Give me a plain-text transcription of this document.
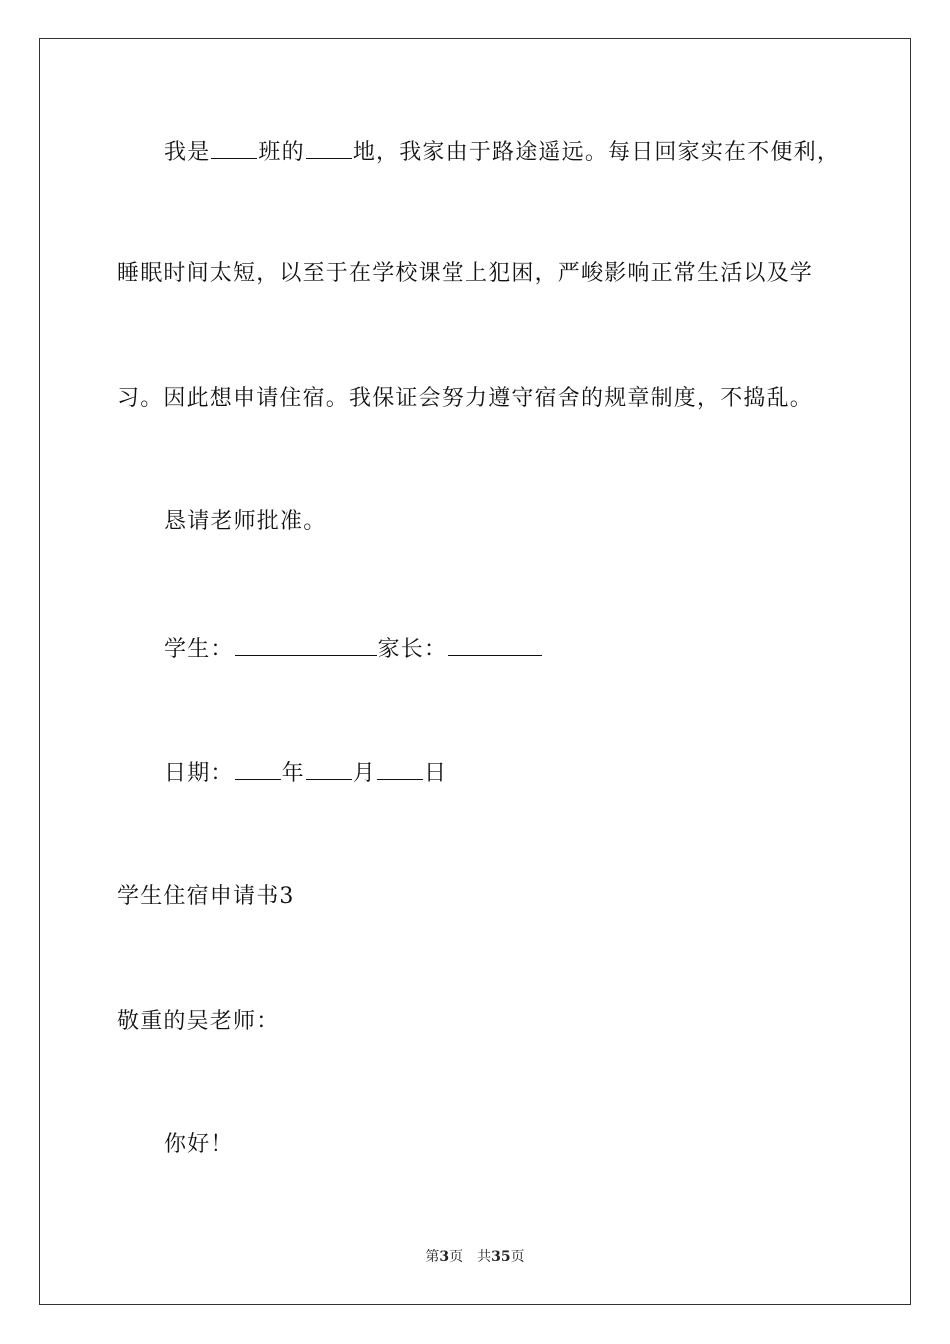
我是 班的 地，我家由于路途遥远。每日回家实在不便利，
睡眠时间太短，以至于在学校课堂上犯困，严峻影响正常生活以及学
习。因此想申请住宿。我保证会努力遵守宿舍的规章制度，不捣乱。
恳请老师批准。
学生：	家长：
日期： 年 月 日
学生住宿申请书3
敬重的吴老师：
你好！
第3页 共35页
